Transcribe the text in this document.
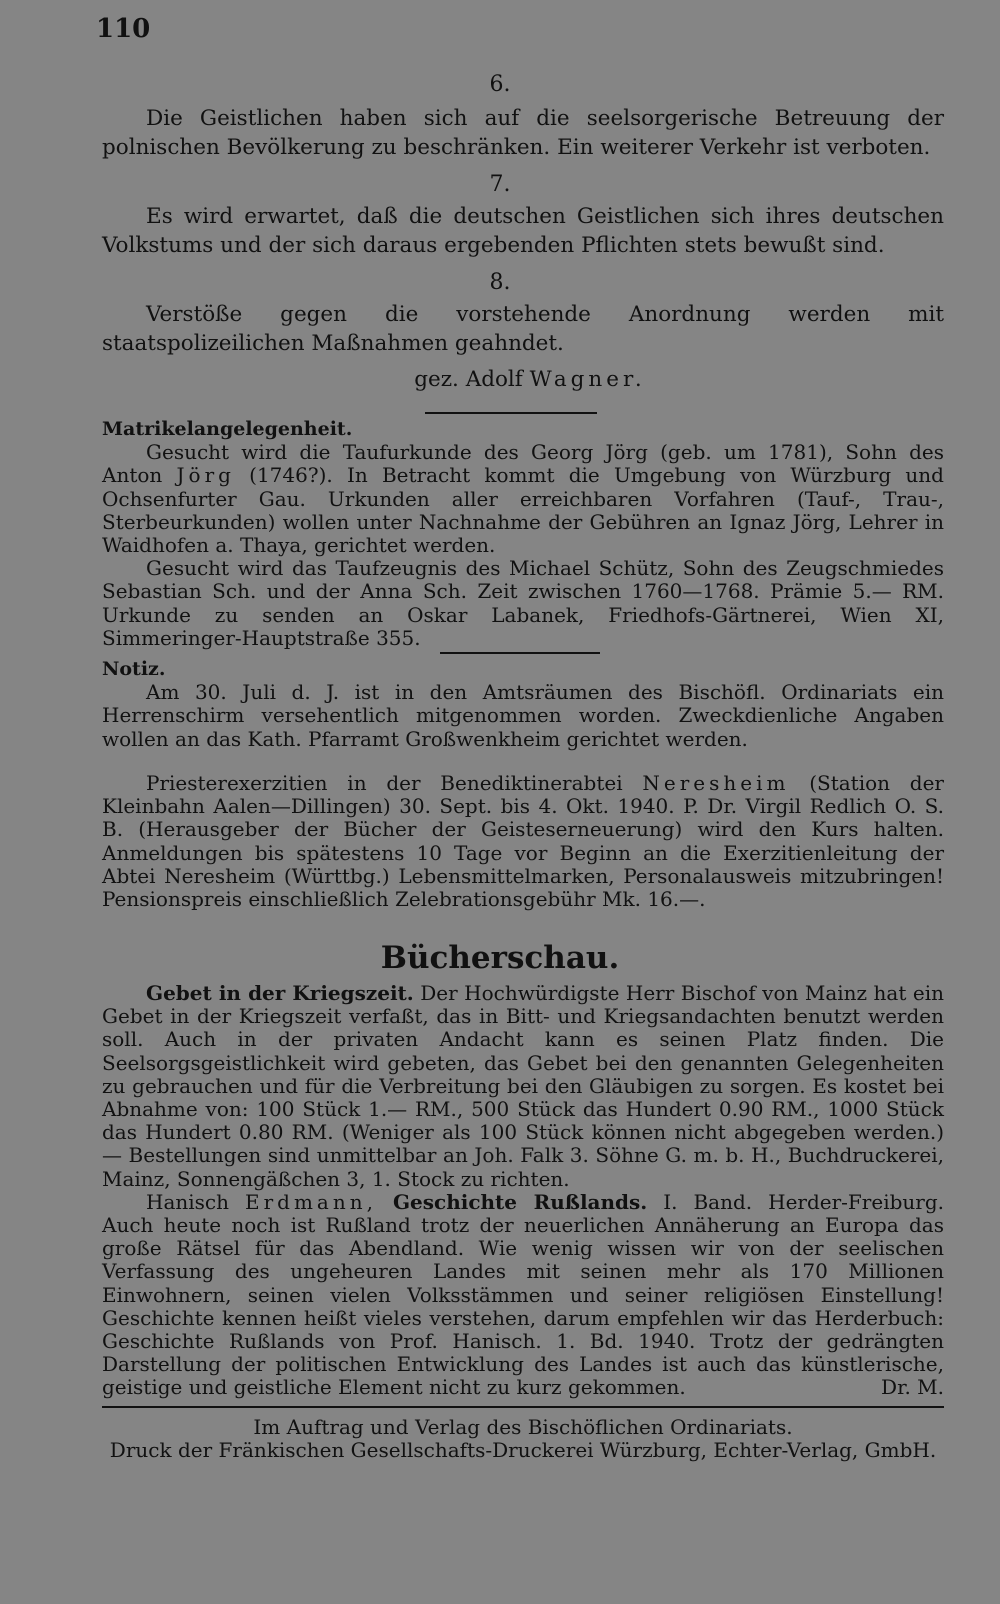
110
6.

Die Geistlichen haben sich auf die seelsorgerische Betreuung der polnischen Bevölkerung zu beschränken. Ein weiterer Verkehr ist verboten.

7.

Es wird erwartet, daß die deutschen Geistlichen sich ihres deutschen Volkstums und der sich daraus ergebenden Pflichten stets bewußt sind.

8.

Verstöße gegen die vorstehende Anordnung werden mit staatspolizeilichen Maßnahmen geahndet.

gez. Adolf Wagner.

Matrikelangelegenheit.

Gesucht wird die Taufurkunde des Georg Jörg (geb. um 1781), Sohn des Anton Jörg (1746?). In Betracht kommt die Umgebung von Würzburg und Ochsenfurter Gau. Urkunden aller erreichbaren Vorfahren (Tauf-, Trau-, Sterbeurkunden) wollen unter Nachnahme der Gebühren an Ignaz Jörg, Lehrer in Waidhofen a. Thaya, gerichtet werden.

Gesucht wird das Taufzeugnis des Michael Schütz, Sohn des Zeugschmiedes Sebastian Sch. und der Anna Sch. Zeit zwischen 1760—1768. Prämie 5.— RM. Urkunde zu senden an Oskar Labanek, Friedhofs-Gärtnerei, Wien XI, Simmeringer-Hauptstraße 355.

Notiz.

Am 30. Juli d. J. ist in den Amtsräumen des Bischöfl. Ordinariats ein Herrenschirm versehentlich mitgenommen worden. Zweckdienliche Angaben wollen an das Kath. Pfarramt Großwenkheim gerichtet werden.

Priesterexerzitien in der Benediktinerabtei Neresheim (Station der Kleinbahn Aalen—Dillingen) 30. Sept. bis 4. Okt. 1940. P. Dr. Virgil Redlich O. S. B. (Herausgeber der Bücher der Geisteserneuerung) wird den Kurs halten. Anmeldungen bis spätestens 10 Tage vor Beginn an die Exerzitienleitung der Abtei Neresheim (Württbg.) Lebensmittelmarken, Personalausweis mitzubringen! Pensionspreis einschließlich Zelebrationsgebühr Mk. 16.—.

Bücherschau.

Gebet in der Kriegszeit. Der Hochwürdigste Herr Bischof von Mainz hat ein Gebet in der Kriegszeit verfaßt, das in Bitt- und Kriegsandachten benutzt werden soll. Auch in der privaten Andacht kann es seinen Platz finden. Die Seelsorgsgeistlichkeit wird gebeten, das Gebet bei den genannten Gelegenheiten zu gebrauchen und für die Verbreitung bei den Gläubigen zu sorgen. Es kostet bei Abnahme von: 100 Stück 1.— RM., 500 Stück das Hundert 0.90 RM., 1000 Stück das Hundert 0.80 RM. (Weniger als 100 Stück können nicht abgegeben werden.) — Bestellungen sind unmittelbar an Joh. Falk 3. Söhne G. m. b. H., Buchdruckerei, Mainz, Sonnengäßchen 3, 1. Stock zu richten.

Hanisch Erdmann, Geschichte Rußlands. I. Band. Herder-Freiburg. Auch heute noch ist Rußland trotz der neuerlichen Annäherung an Europa das große Rätsel für das Abendland. Wie wenig wissen wir von der seelischen Verfassung des ungeheuren Landes mit seinen mehr als 170 Millionen Einwohnern, seinen vielen Volksstämmen und seiner religiösen Einstellung! Geschichte kennen heißt vieles verstehen, darum empfehlen wir das Herderbuch: Geschichte Rußlands von Prof. Hanisch. 1. Bd. 1940. Trotz der gedrängten Darstellung der politischen Entwicklung des Landes ist auch das künstlerische, geistige und geistliche Element nicht zu kurz gekommen.	Dr. M.

Im Auftrag und Verlag des Bischöflichen Ordinariats.

Druck der Fränkischen Gesellschafts-Druckerei Würzburg, Echter-Verlag, GmbH.
